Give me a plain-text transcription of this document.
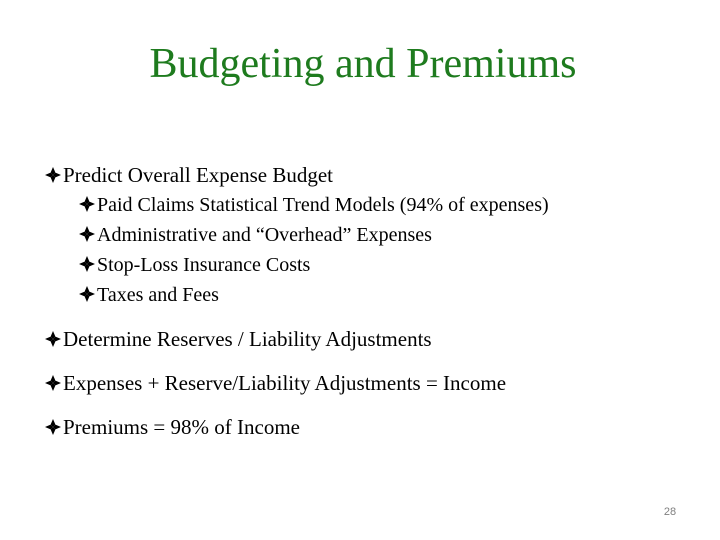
Budgeting and Premiums
Predict Overall Expense Budget
Paid Claims Statistical Trend Models (94% of expenses)
Administrative and “Overhead” Expenses
Stop-Loss Insurance Costs
Taxes and Fees
Determine Reserves / Liability Adjustments
Expenses + Reserve/Liability Adjustments = Income
Premiums = 98% of Income
28
